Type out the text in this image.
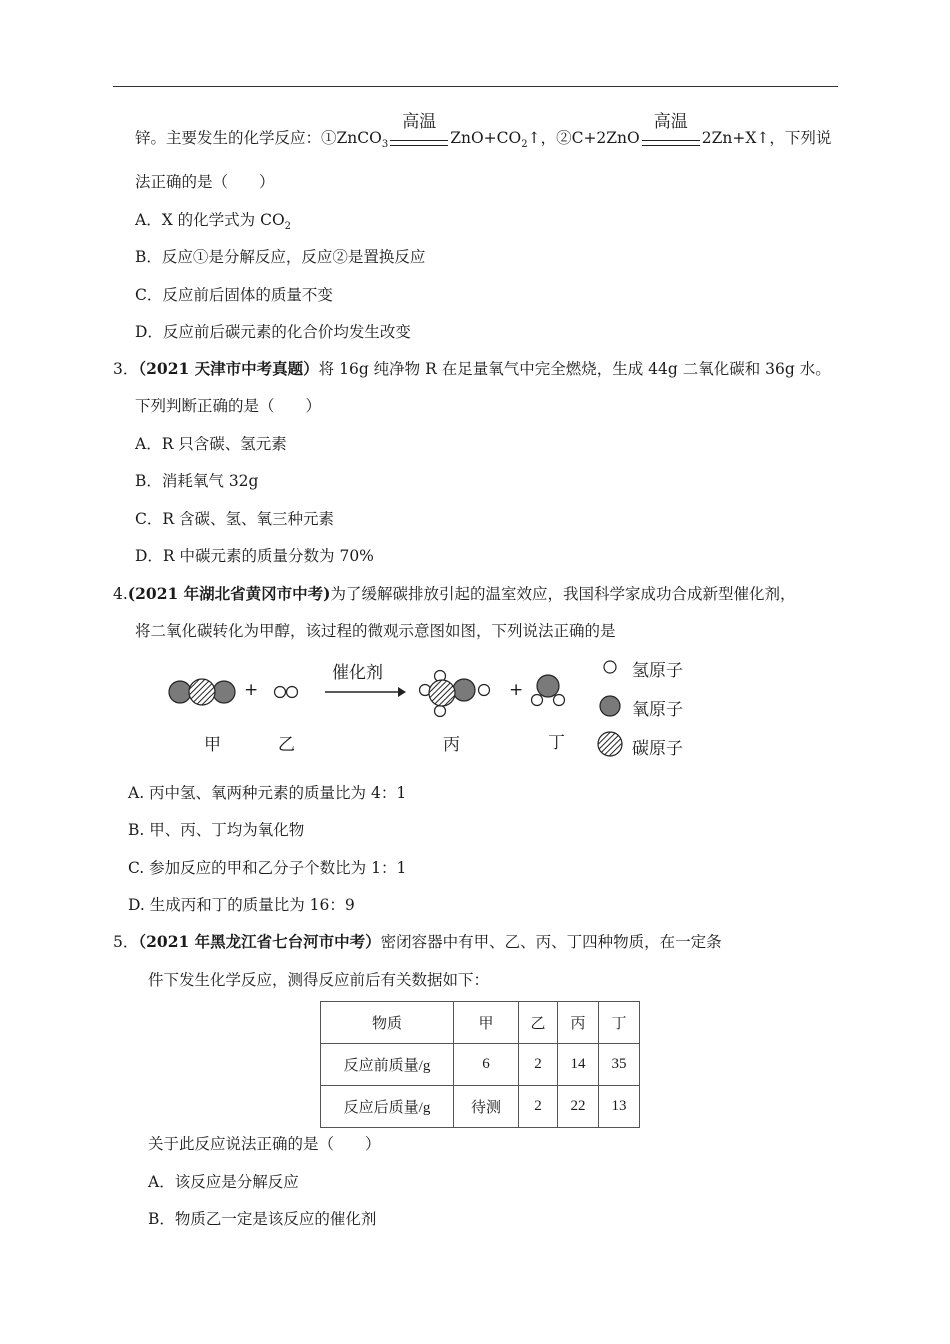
锌。主要发生的化学反应：①ZnCO$_3$
高温
$ZnO+CO_2↑$，②C+2ZnO
高温
2Zn+X↑，下列说
法正确的是（　　）
A．X 的化学式为 $CO_2$
B．反应①是分解反应，反应②是置换反应
C．反应前后固体的质量不变
D．反应前后碳元素的化合价均发生改变
3．（2021 天津市中考真题）将 16g 纯净物 R 在足量氧气中完全燃烧，生成 44g 二氧化碳和 36g 水。
下列判断正确的是（　　）
A．R 只含碳、氢元素
B．消耗氧气 32g
C．R 含碳、氢、氧三种元素
D．R 中碳元素的质量分数为 70%
4.(2021 年湖北省黄冈市中考)为了缓解碳排放引起的温室效应，我国科学家成功合成新型催化剂，
将二氧化碳转化为甲醇，该过程的微观示意图如图，下列说法正确的是
+	+
催化剂
甲	乙	丙	丁
氢原子
氧原子
碳原子
A. 丙中氢、氧两种元素的质量比为 4：1
B. 甲、丙、丁均为氧化物
C. 参加反应的甲和乙分子个数比为 1：1
D. 生成丙和丁的质量比为 16：9
5．（2021 年黑龙江省七台河市中考）密闭容器中有甲、乙、丙、丁四种物质，在一定条
件下发生化学反应，测得反应前后有关数据如下：
物质	甲	乙	丙	丁
反应前质量/g	6	2	14	35
反应后质量/g	待测	2	22	13
关于此反应说法正确的是（　　）
A．该反应是分解反应
B．物质乙一定是该反应的催化剂
